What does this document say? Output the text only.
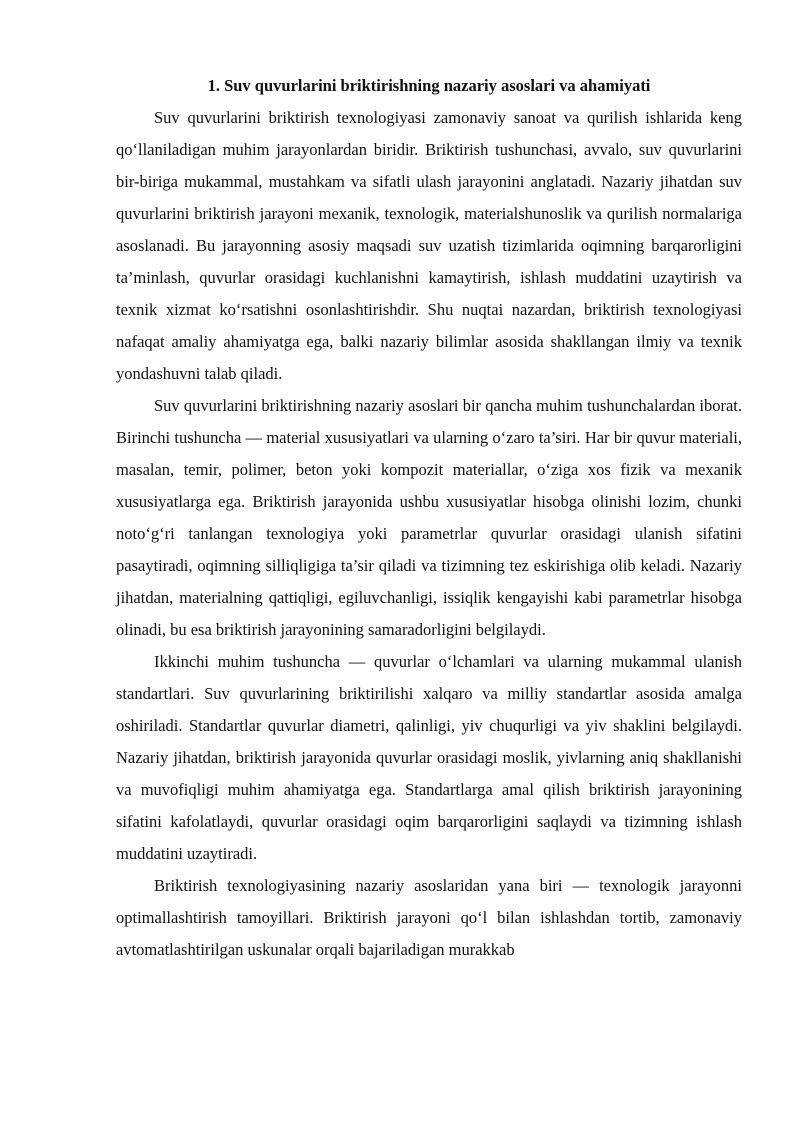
1. Suv quvurlarini briktirishning nazariy asoslari va ahamiyati

Suv quvurlarini briktirish texnologiyasi zamonaviy sanoat va qurilish ishlarida keng qo‘llaniladigan muhim jarayonlardan biridir. Briktirish tushunchasi, avvalo, suv quvurlarini bir-biriga mukammal, mustahkam va sifatli ulash jarayonini anglatadi. Nazariy jihatdan suv quvurlarini briktirish jarayoni mexanik, texnologik, materialshunoslik va qurilish normalariga asoslanadi. Bu jarayonning asosiy maqsadi suv uzatish tizimlarida oqimning barqarorligini ta’minlash, quvurlar orasidagi kuchlanishni kamaytirish, ishlash muddatini uzaytirish va texnik xizmat ko‘rsatishni osonlashtirishdir. Shu nuqtai nazardan, briktirish texnologiyasi nafaqat amaliy ahamiyatga ega, balki nazariy bilimlar asosida shakllangan ilmiy va texnik yondashuvni talab qiladi.

Suv quvurlarini briktirishning nazariy asoslari bir qancha muhim tushunchalardan iborat. Birinchi tushuncha — material xususiyatlari va ularning o‘zaro ta’siri. Har bir quvur materiali, masalan, temir, polimer, beton yoki kompozit materiallar, o‘ziga xos fizik va mexanik xususiyatlarga ega. Briktirish jarayonida ushbu xususiyatlar hisobga olinishi lozim, chunki noto‘g‘ri tanlangan texnologiya yoki parametrlar quvurlar orasidagi ulanish sifatini pasaytiradi, oqimning silliqligiga ta’sir qiladi va tizimning tez eskirishiga olib keladi. Nazariy jihatdan, materialning qattiqligi, egiluvchanligi, issiqlik kengayishi kabi parametrlar hisobga olinadi, bu esa briktirish jarayonining samaradorligini belgilaydi.

Ikkinchi muhim tushuncha — quvurlar o‘lchamlari va ularning mukammal ulanish standartlari. Suv quvurlarining briktirilishi xalqaro va milliy standartlar asosida amalga oshiriladi. Standartlar quvurlar diametri, qalinligi, yiv chuqurligi va yiv shaklini belgilaydi. Nazariy jihatdan, briktirish jarayonida quvurlar orasidagi moslik, yivlarning aniq shakllanishi va muvofiqligi muhim ahamiyatga ega. Standartlarga amal qilish briktirish jarayonining sifatini kafolatlaydi, quvurlar orasidagi oqim barqarorligini saqlaydi va tizimning ishlash muddatini uzaytiradi.

Briktirish texnologiyasining nazariy asoslaridan yana biri — texnologik jarayonni optimallashtirish tamoyillari. Briktirish jarayoni qo‘l bilan ishlashdan tortib, zamonaviy avtomatlashtirilgan uskunalar orqali bajariladigan murakkab
